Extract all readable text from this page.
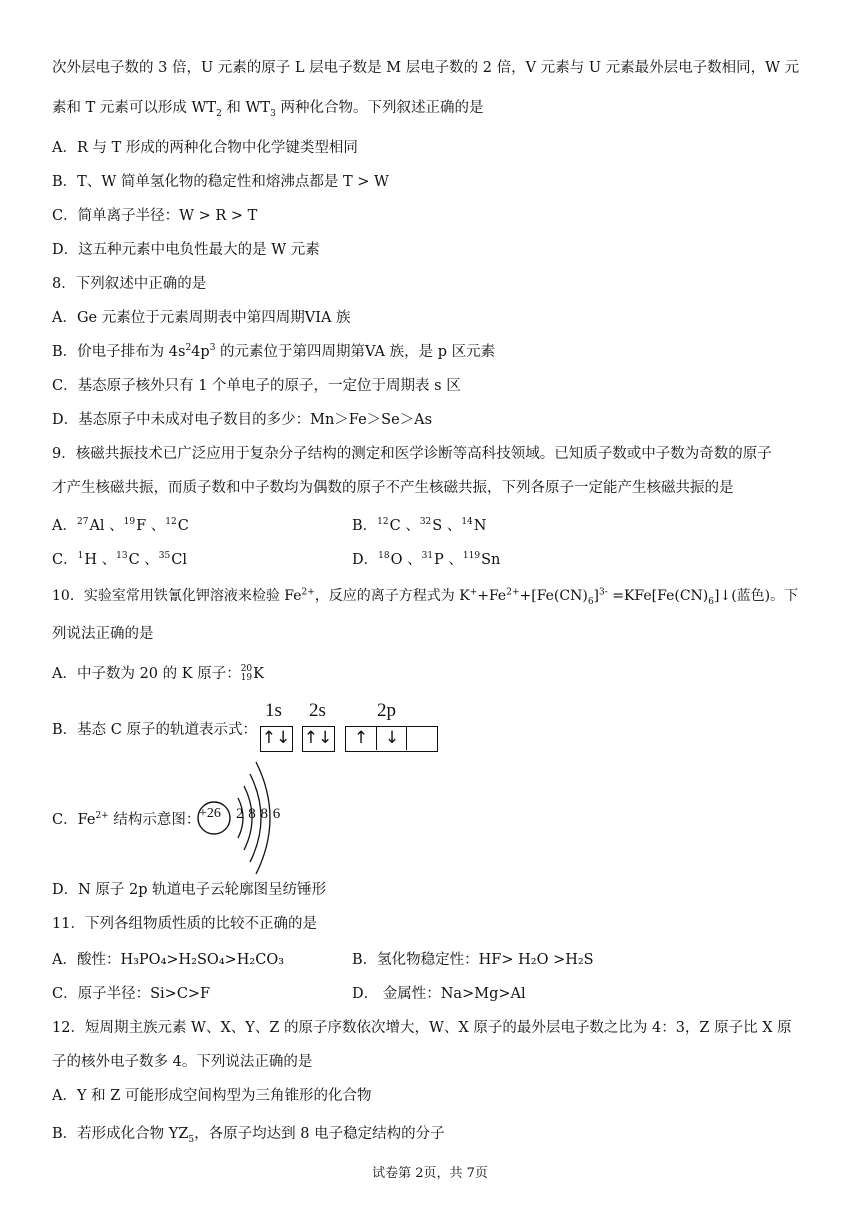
次外层电子数的 3 倍，U 元素的原子 L 层电子数是 M 层电子数的 2 倍，V 元素与 U 元素最外层电子数相同，W 元
素和 T 元素可以形成 $WT_2$ 和 $WT_3$ 两种化合物。下列叙述正确的是
A．R 与 T 形成的两种化合物中化学键类型相同
B．T、W 简单氢化物的稳定性和熔沸点都是 T > W
C．简单离子半径：W > R > T
D．这五种元素中电负性最大的是 W 元素
8．下列叙述中正确的是
A．Ge 元素位于元素周期表中第四周期VIA 族
B．价电子排布为 $4s^24p^3$ 的元素位于第四周期第VA 族，是 p 区元素
C．基态原子核外只有 1 个单电子的原子，一定位于周期表 s 区
D．基态原子中未成对电子数目的多少：Mn＞Fe＞Se＞As
9．核磁共振技术已广泛应用于复杂分子结构的测定和医学诊断等高科技领域。已知质子数或中子数为奇数的原子
才产生核磁共振，而质子数和中子数均为偶数的原子不产生核磁共振，下列各原子一定能产生核磁共振的是
A．$^{27}$Al 、$^{19}$F 、$^{12}$C	B．$^{12}$C 、$^{32}$S 、$^{14}$N
C．$^1$H 、$^{13}$C 、$^{35}$Cl	D．$^{18}$O 、$^{31}$P 、$^{119}$Sn
10．实验室常用铁氰化钾溶液来检验 $Fe^{2+}$，反应的离子方程式为 $K^++Fe^{2+}+[Fe(CN)_6]^{3-}$ $=KFe[Fe(CN)_6]↓$(蓝色)。下
列说法正确的是
A．中子数为 20 的 K 原子：20
19K
B．基态 C 原子的轨道表示式：
1s 2s	2p
↑↓ ↑↓	↑ ↓
C．$Fe^{2+}$ 结构示意图：
+26 2 8 8 6
D．N 原子 2p 轨道电子云轮廓图呈纺锤形
11．下列各组物质性质的比较不正确的是
A．酸性：H₃PO₄>H₂SO₄>H₂CO₃	B．氢化物稳定性：HF> H₂O >H₂S
C．原子半径：Si>C>F	D． 金属性：Na>Mg>Al
12．短周期主族元素 W、X、Y、Z 的原子序数依次增大，W、X 原子的最外层电子数之比为 4：3，Z 原子比 X 原
子的核外电子数多 4。下列说法正确的是
A．Y 和 Z 可能形成空间构型为三角锥形的化合物
B．若形成化合物 $YZ_5$，各原子均达到 8 电子稳定结构的分子
试卷第 2页，共 7页
